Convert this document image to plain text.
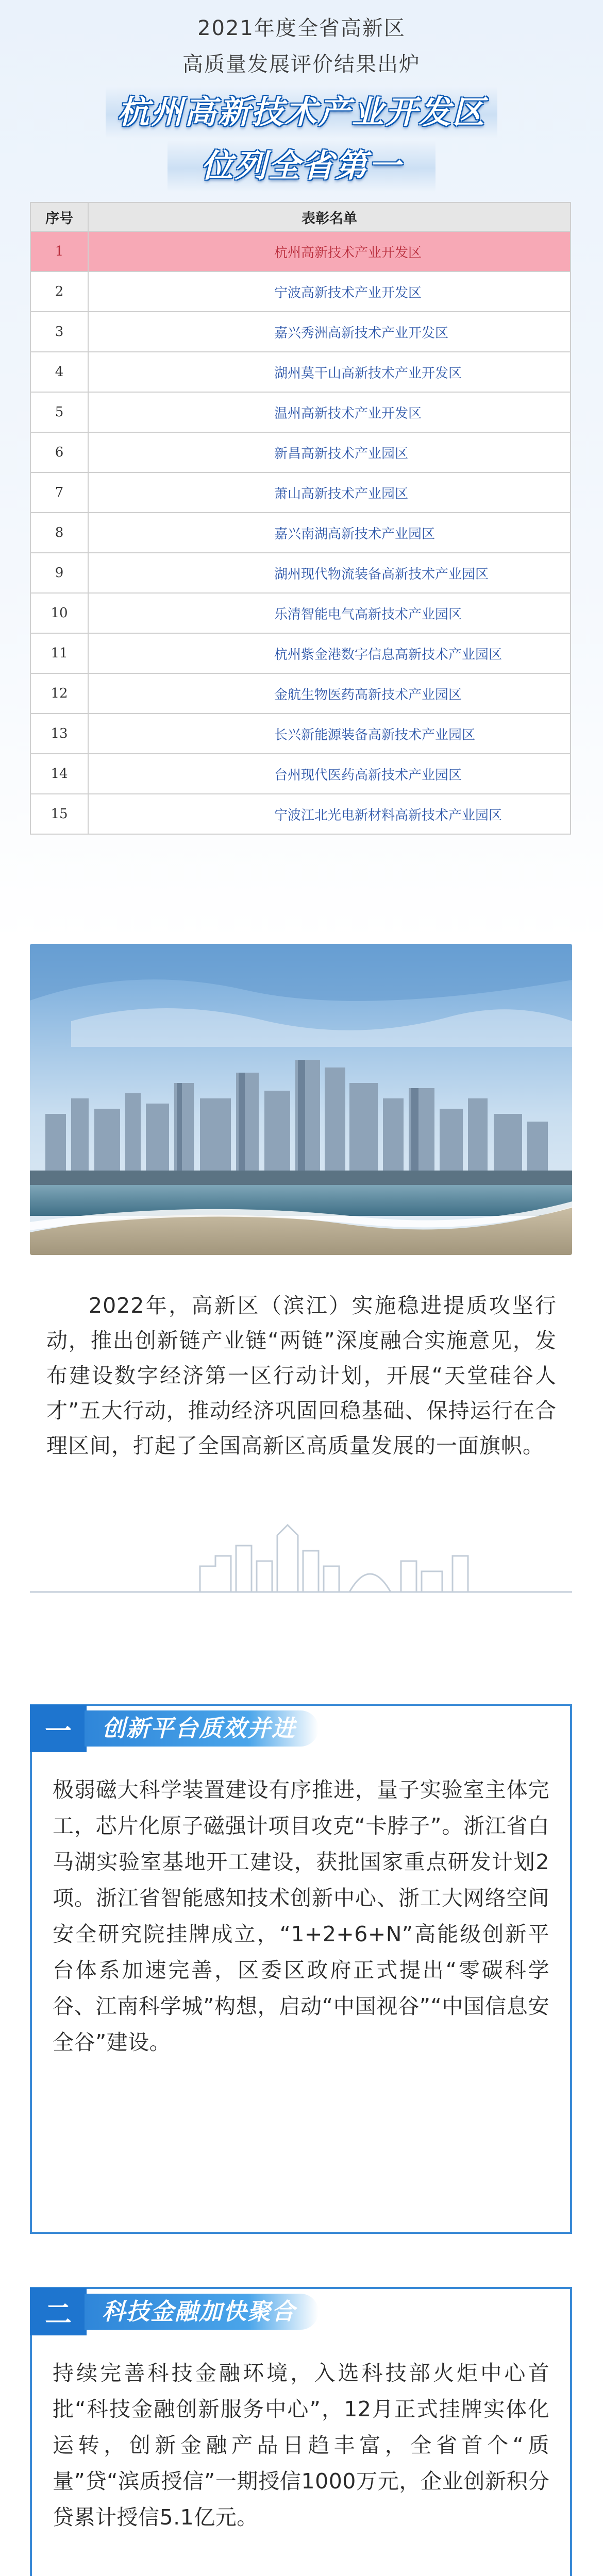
2021年度全省高新区
高质量发展评价结果出炉
杭州高新技术产业开发区
位列全省第一
序号	表彰名单
1	杭州高新技术产业开发区
2	宁波高新技术产业开发区
3	嘉兴秀洲高新技术产业开发区
4	湖州莫干山高新技术产业开发区
5	温州高新技术产业开发区
6	新昌高新技术产业园区
7	萧山高新技术产业园区
8	嘉兴南湖高新技术产业园区
9	湖州现代物流装备高新技术产业园区
10	乐清智能电气高新技术产业园区
11	杭州紫金港数字信息高新技术产业园区
12	金航生物医药高新技术产业园区
13	长兴新能源装备高新技术产业园区
14	台州现代医药高新技术产业园区
15	宁波江北光电新材料高新技术产业园区
2022年，高新区（滨江）实施稳进提质攻坚行动，推出创新链产业链“两链”深度融合实施意见，发布建设数字经济第一区行动计划，开展“天堂硅谷人才”五大行动，推动经济巩固回稳基础、保持运行在合理区间，打起了全国高新区高质量发展的一面旗帜。
一	创新平台质效并进
极弱磁大科学装置建设有序推进，量子实验室主体完工，芯片化原子磁强计项目攻克“卡脖子”。浙江省白马湖实验室基地开工建设，获批国家重点研发计划2项。浙江省智能感知技术创新中心、浙工大网络空间安全研究院挂牌成立，“1+2+6+N”高能级创新平台体系加速完善，区委区政府正式提出“零碳科学谷、江南科学城”构想，启动“中国视谷”“中国信息安全谷”建设。
二	科技金融加快聚合
持续完善科技金融环境，入选科技部火炬中心首批“科技金融创新服务中心”，12月正式挂牌实体化运转，创新金融产品日趋丰富，全省首个“质量”贷“滨质授信”一期授信1000万元，企业创新积分贷累计授信5.1亿元。
